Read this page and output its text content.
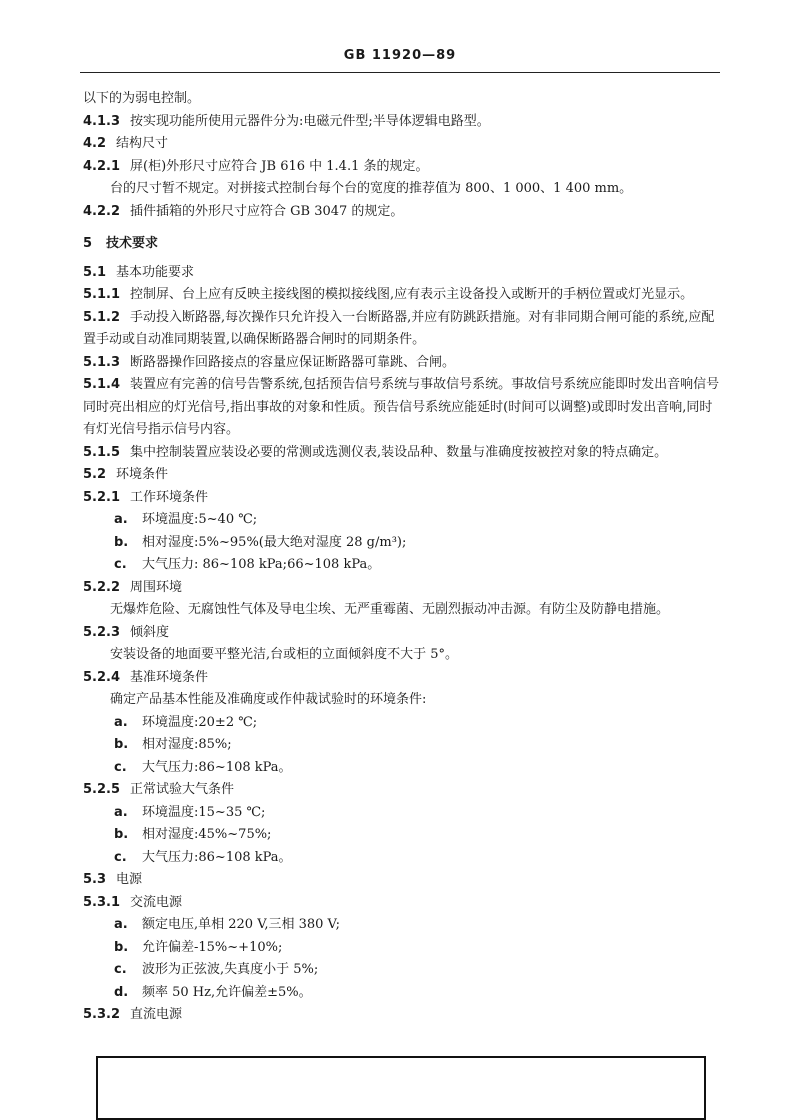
GB 11920—89
以下的为弱电控制。
4.1.3 按实现功能所使用元器件分为:电磁元件型;半导体逻辑电路型。
4.2 结构尺寸
4.2.1 屏(柜)外形尺寸应符合 JB 616 中 1.4.1 条的规定。
台的尺寸暂不规定。对拼接式控制台每个台的宽度的推荐值为 800、1 000、1 400 mm。
4.2.2 插件插箱的外形尺寸应符合 GB 3047 的规定。
5 技术要求
5.1 基本功能要求
5.1.1 控制屏、台上应有反映主接线图的模拟接线图,应有表示主设备投入或断开的手柄位置或灯光显示。
5.1.2 手动投入断路器,每次操作只允许投入一台断路器,并应有防跳跃措施。对有非同期合闸可能的系统,应配置手动或自动准同期装置,以确保断路器合闸时的同期条件。
5.1.3 断路器操作回路接点的容量应保证断路器可靠跳、合闸。
5.1.4 装置应有完善的信号告警系统,包括预告信号系统与事故信号系统。事故信号系统应能即时发出音响信号同时亮出相应的灯光信号,指出事故的对象和性质。预告信号系统应能延时(时间可以调整)或即时发出音响,同时有灯光信号指示信号内容。
5.1.5 集中控制装置应装设必要的常测或选测仪表,装设品种、数量与准确度按被控对象的特点确定。
5.2 环境条件
5.2.1 工作环境条件
a. 环境温度:5~40 ℃;
b. 相对湿度:5%~95%(最大绝对湿度 28 g/m³);
c. 大气压力: 86~108 kPa;66~108 kPa。
5.2.2 周围环境
无爆炸危险、无腐蚀性气体及导电尘埃、无严重霉菌、无剧烈振动冲击源。有防尘及防静电措施。
5.2.3 倾斜度
安装设备的地面要平整光洁,台或柜的立面倾斜度不大于 5°。
5.2.4 基准环境条件
确定产品基本性能及准确度或作仲裁试验时的环境条件:
a. 环境温度:20±2 ℃;
b. 相对湿度:85%;
c. 大气压力:86~108 kPa。
5.2.5 正常试验大气条件
a. 环境温度:15~35 ℃;
b. 相对湿度:45%~75%;
c. 大气压力:86~108 kPa。
5.3 电源
5.3.1 交流电源
a. 额定电压,单相 220 V,三相 380 V;
b. 允许偏差-15%~+10%;
c. 波形为正弦波,失真度小于 5%;
d. 频率 50 Hz,允许偏差±5%。
5.3.2 直流电源
